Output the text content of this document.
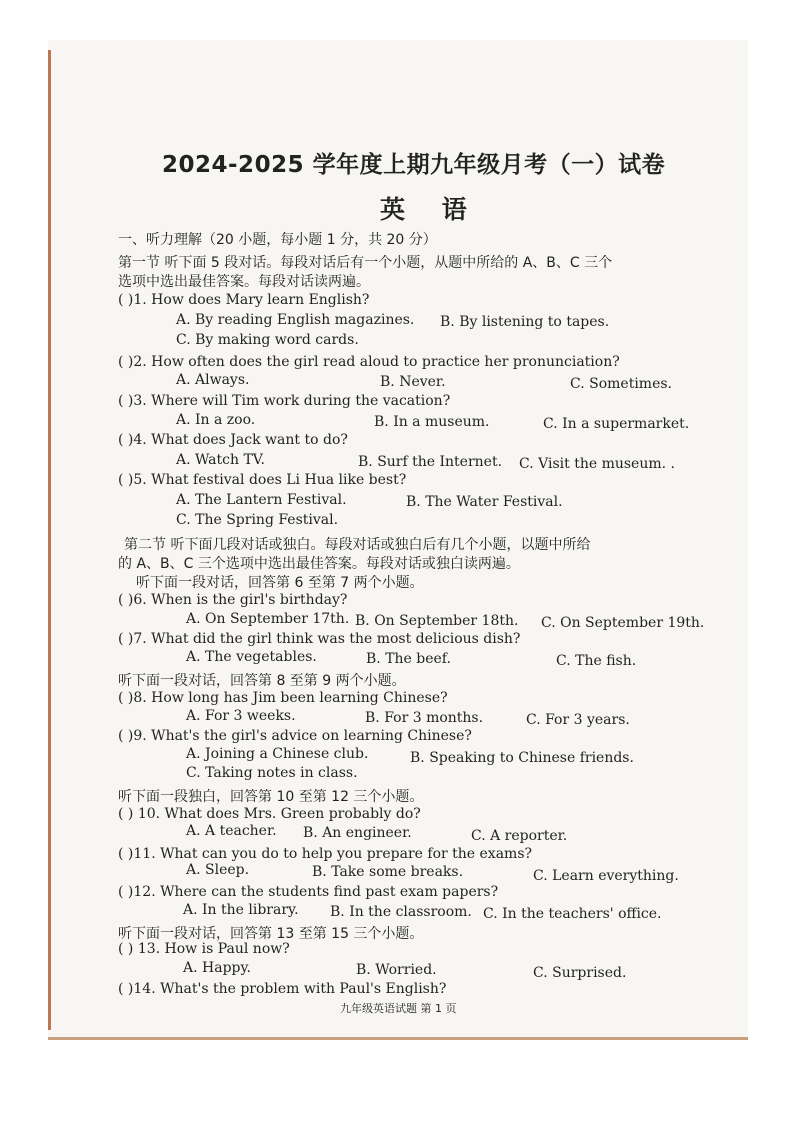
2024-2025 学年度上期九年级月考（一）试卷
英 语
一、听力理解（20 小题，每小题 1 分，共 20 分）
第一节 听下面 5 段对话。每段对话后有一个小题，从题中所给的 A、B、C 三个
选项中选出最佳答案。每段对话读两遍。
( )1. How does Mary learn English?
A. By reading English magazines. B. By listening to tapes.
C. By making word cards.
( )2. How often does the girl read aloud to practice her pronunciation?
A. Always.	B. Never.	C. Sometimes.
( )3. Where will Tim work during the vacation?
A. In a zoo.	B. In a museum.	C. In a supermarket.
( )4. What does Jack want to do?
A. Watch TV.	B. Surf the Internet. C. Visit the museum. .
( )5. What festival does Li Hua like best?
A. The Lantern Festival.	B. The Water Festival.
C. The Spring Festival.
第二节 听下面几段对话或独白。每段对话或独白后有几个小题，以题中所给
的 A、B、C 三个选项中选出最佳答案。每段对话或独白读两遍。
听下面一段对话，回答第 6 至第 7 两个小题。
( )6. When is the girl's birthday?
A. On September 17th. B. On September 18th. C. On September 19th.
( )7. What did the girl think was the most delicious dish?
A. The vegetables.	B. The beef.	C. The fish.
听下面一段对话，回答第 8 至第 9 两个小题。
( )8. How long has Jim been learning Chinese?
A. For 3 weeks.	B. For 3 months.	C. For 3 years.
( )9. What's the girl's advice on learning Chinese?
A. Joining a Chinese club.	B. Speaking to Chinese friends.
C. Taking notes in class.
听下面一段独白，回答第 10 至第 12 三个小题。
( ) 10. What does Mrs. Green probably do?
A. A teacher. B. An engineer.	C. A reporter.
( )11. What can you do to help you prepare for the exams?
A. Sleep.	B. Take some breaks.	C. Learn everything.
( )12. Where can the students find past exam papers?
A. In the library. B. In the classroom. C. In the teachers' office.
听下面一段对话，回答第 13 至第 15 三个小题。
( ) 13. How is Paul now?
A. Happy.	B. Worried.	C. Surprised.
( )14. What's the problem with Paul's English?
九年级英语试题 第 1 页
